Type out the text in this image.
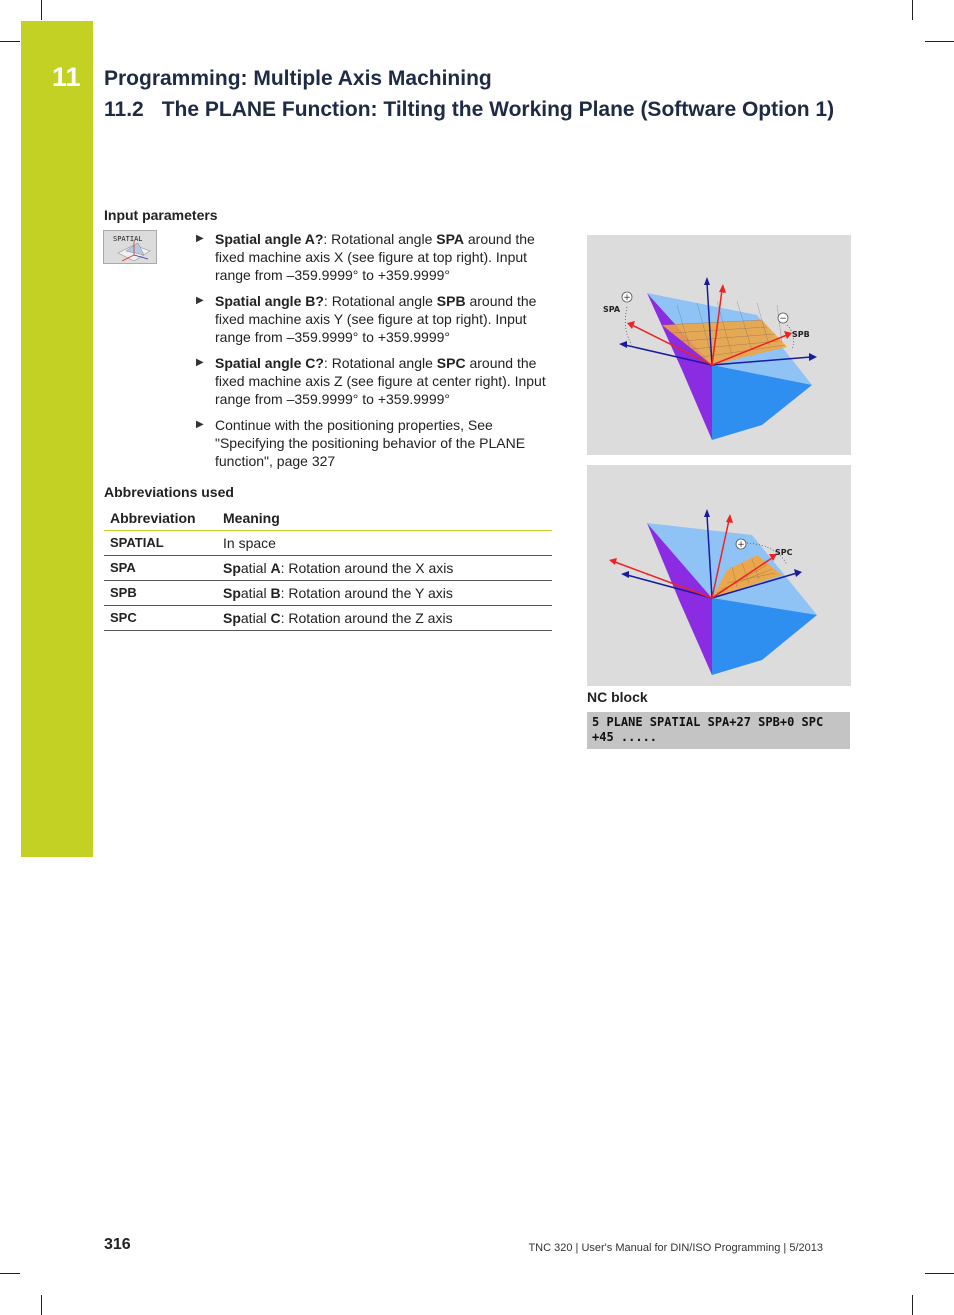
11 Programming: Multiple Axis Machining
11.2 The PLANE Function: Tilting the Working Plane (Software Option 1)
Input parameters
SPATIAL	▶ Spatial angle A?: Rotational angle SPA around the fixed machine axis X (see figure at top right). Input range from –359.9999° to +359.9999°
▶ Spatial angle B?: Rotational angle SPB around the fixed machine axis Y (see figure at top right). Input range from –359.9999° to +359.9999°
▶ Spatial angle C?: Rotational angle SPC around the fixed machine axis Z (see figure at center right). Input range from –359.9999° to +359.9999°
▶ Continue with the positioning properties, See "Specifying the positioning behavior of the PLANE function", page 327
Abbreviations used
Abbreviation	Meaning
SPATIAL	In space
SPA	Spatial A: Rotation around the X axis
SPB	Spatial B: Rotation around the Y axis
SPC	Spatial C: Rotation around the Z axis
+
−
SPA
SPB
+
SPC
NC block
5 PLANE SPATIAL SPA+27 SPB+0 SPC
+45 .....
316	TNC 320 | User's Manual for DIN/ISO Programming | 5/2013
